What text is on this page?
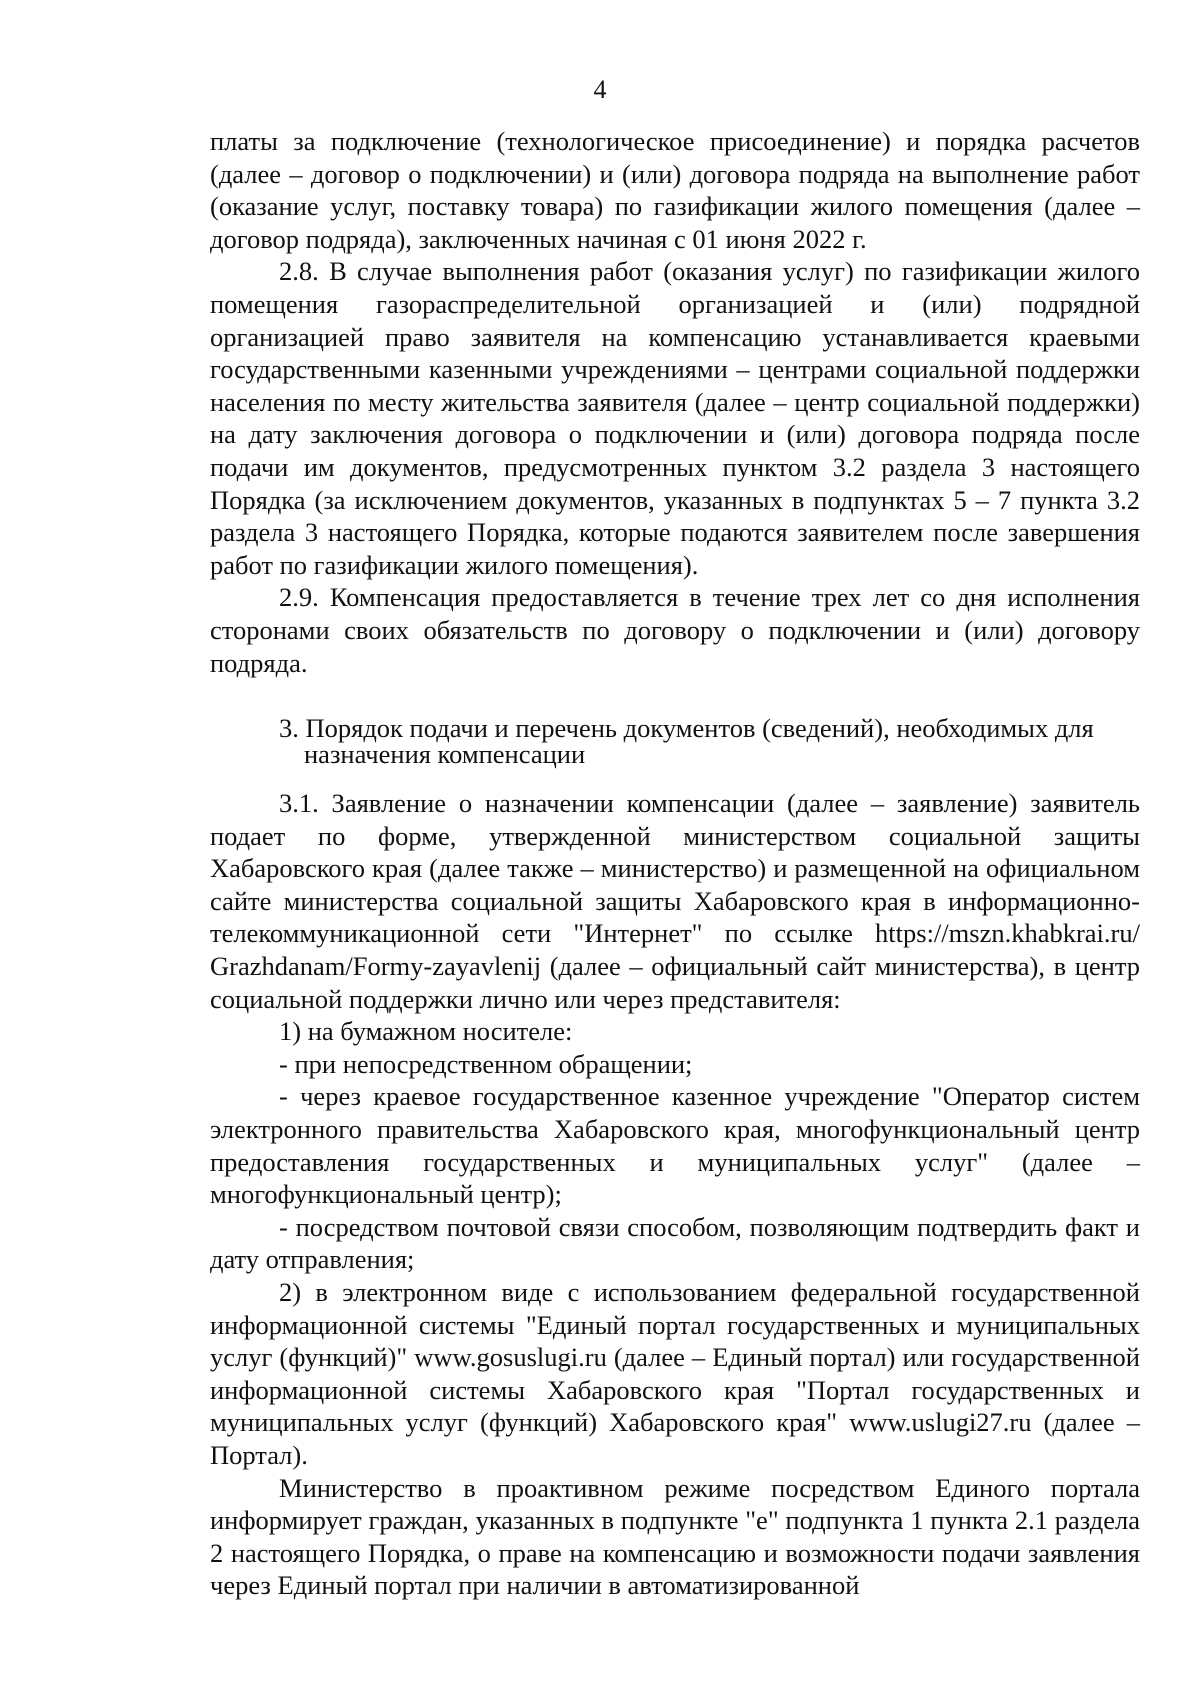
4

платы за подключение (технологическое присоединение) и порядка расчетов (далее – договор о подключении) и (или) договора подряда на выполнение работ (оказание услуг, поставку товара) по газификации жилого помещения (далее – договор подряда), заключенных начиная с 01 июня 2022 г.

2.8. В случае выполнения работ (оказания услуг) по газификации жилого помещения газораспределительной организацией и (или) подрядной организацией право заявителя на компенсацию устанавливается краевыми государственными казенными учреждениями – центрами социальной поддержки населения по месту жительства заявителя (далее – центр социальной поддержки) на дату заключения договора о подключении и (или) договора подряда после подачи им документов, предусмотренных пунктом 3.2 раздела 3 настоящего Порядка (за исключением документов, указанных в подпунктах 5 – 7 пункта 3.2 раздела 3 настоящего Порядка, которые подаются заявителем после завершения работ по газификации жилого помещения).

2.9. Компенсация предоставляется в течение трех лет со дня исполнения сторонами своих обязательств по договору о подключении и (или) договору подряда.

3. Порядок подачи и перечень документов (сведений), необходимых для
назначения компенсации

3.1. Заявление о назначении компенсации (далее – заявление) заявитель подает по форме, утвержденной министерством социальной защиты Хабаровского края (далее также – министерство) и размещенной на официальном сайте министерства социальной защиты Хабаровского края в информационно-телекоммуникационной сети "Интернет" по ссылке https://mszn.khabkrai.ru/ Grazhdanam/Formy-zayavlenij (далее – официальный сайт министерства), в центр социальной поддержки лично или через представителя:

1) на бумажном носителе:

- при непосредственном обращении;

- через краевое государственное казенное учреждение "Оператор систем электронного правительства Хабаровского края, многофункциональный центр предоставления государственных и муниципальных услуг" (далее – многофункциональный центр);

- посредством почтовой связи способом, позволяющим подтвердить факт и дату отправления;

2) в электронном виде с использованием федеральной государственной информационной системы "Единый портал государственных и муниципальных услуг (функций)" www.gosuslugi.ru (далее – Единый портал) или государственной информационной системы Хабаровского края "Портал государственных и муниципальных услуг (функций) Хабаровского края" www.uslugi27.ru (далее – Портал).

Министерство в проактивном режиме посредством Единого портала информирует граждан, указанных в подпункте "е" подпункта 1 пункта 2.1 раздела 2 настоящего Порядка, о праве на компенсацию и возможности подачи заявления через Единый портал при наличии в автоматизированной
